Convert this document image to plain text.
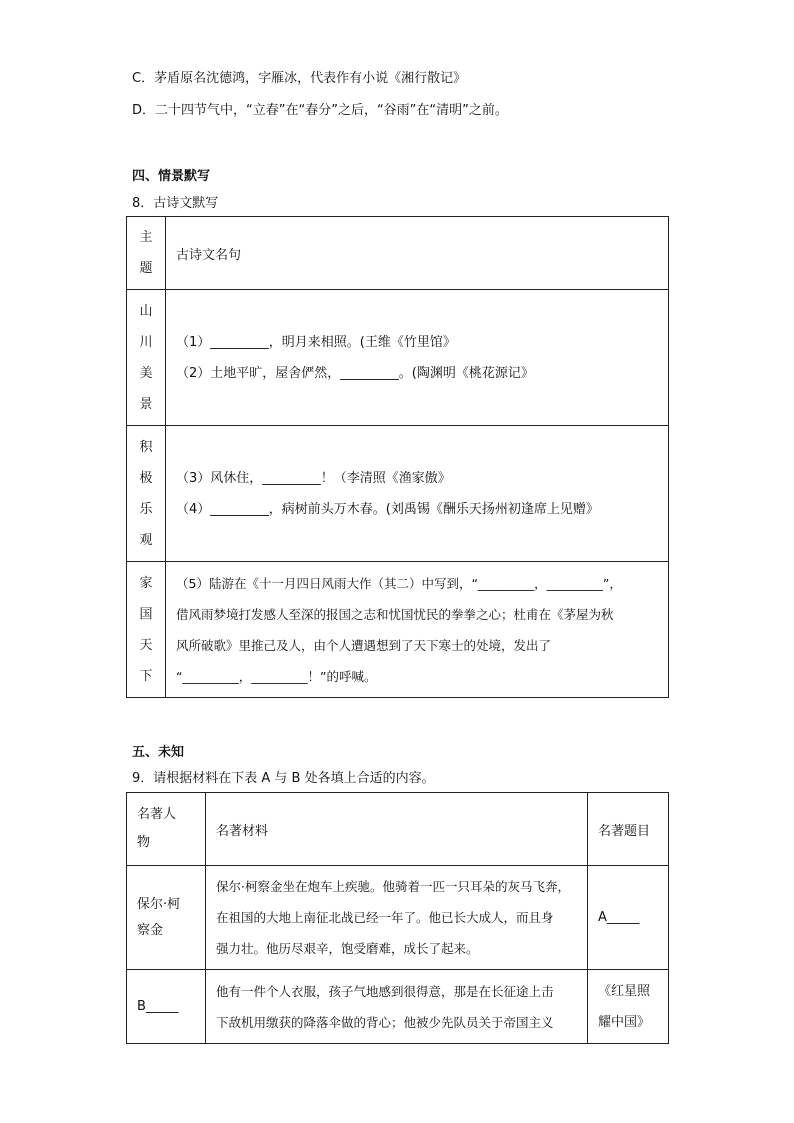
C．茅盾原名沈德鸿，字雁冰，代表作有小说《湘行散记》
D．二十四节气中，“立春”在“春分”之后，“谷雨”在“清明”之前。
四、情景默写
8．古诗文默写
主
题	古诗文名句

山
川
美
景	（1）_________，明月来相照。(王维《竹里馆》
（2）土地平旷，屋舍俨然，_________。(陶渊明《桃花源记》

积
极
乐
观	（3）风休住，_________！（李清照《渔家傲》
（4）_________，病树前头万木春。(刘禹锡《酬乐天扬州初逢席上见赠》

家
国
天
下	（5）陆游在《十一月四日风雨大作（其二）中写到，“_________，_________”，
借风雨梦境打发感人至深的报国之志和忧国忧民的拳拳之心；杜甫在《茅屋为秋
风所破歌》里推己及人，由个人遭遇想到了天下寒士的处境，发出了
“_________，_________！”的呼喊。
五、未知
9．请根据材料在下表 A 与 B 处各填上合适的内容。
名著人
物	名著材料	名著题目

保尔·柯
察金	保尔·柯察金坐在炮车上疾驰。他骑着一匹一只耳朵的灰马飞奔，
在祖国的大地上南征北战已经一年了。他已长大成人，而且身
强力壮。他历尽艰辛，饱受磨难，成长了起来。	A_____
B_____	他有一件个人衣服，孩子气地感到很得意，那是在长征途上击
下敌机用缴获的降落伞做的背心；他被少先队员关于帝国主义	《红星照
耀中国》
